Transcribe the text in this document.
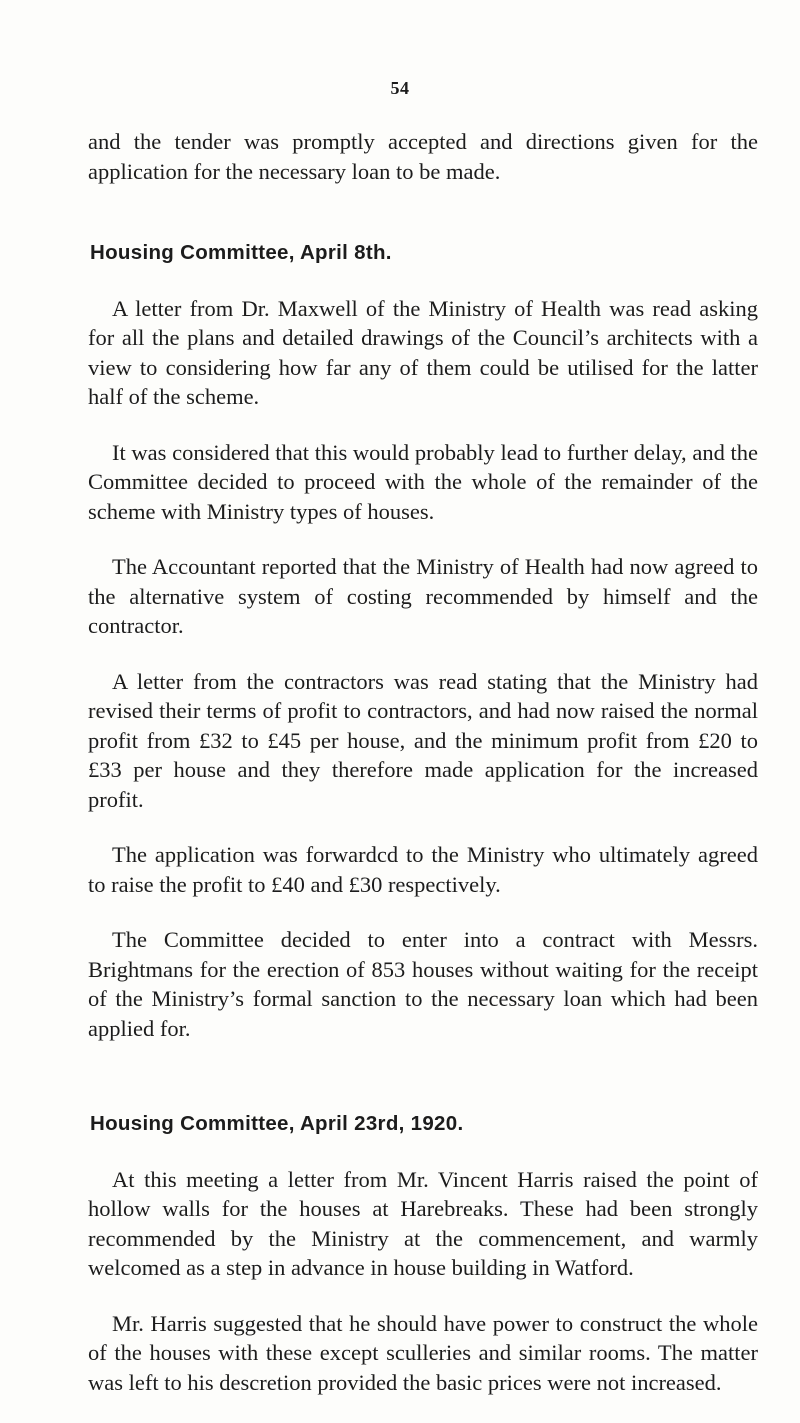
54

and the tender was promptly accepted and directions given for the application for the necessary loan to be made.

Housing Committee, April 8th.

A letter from Dr. Maxwell of the Ministry of Health was read asking for all the plans and detailed drawings of the Council’s architects with a view to considering how far any of them could be utilised for the latter half of the scheme.

It was considered that this would probably lead to further delay, and the Committee decided to proceed with the whole of the remainder of the scheme with Ministry types of houses.

The Accountant reported that the Ministry of Health had now agreed to the alternative system of costing recommended by himself and the contractor.

A letter from the contractors was read stating that the Ministry had revised their terms of profit to contractors, and had now raised the normal profit from £32 to £45 per house, and the minimum profit from £20 to £33 per house and they therefore made application for the increased profit.

The application was forwardcd to the Ministry who ultimately agreed to raise the profit to £40 and £30 respectively.

The Committee decided to enter into a contract with Messrs. Brightmans for the erection of 853 houses without waiting for the receipt of the Ministry’s formal sanction to the necessary loan which had been applied for.

Housing Committee, April 23rd, 1920.

At this meeting a letter from Mr. Vincent Harris raised the point of hollow walls for the houses at Harebreaks. These had been strongly recommended by the Ministry at the commencement, and warmly welcomed as a step in advance in house building in Watford.

Mr. Harris suggested that he should have power to construct the whole of the houses with these except sculleries and similar rooms. The matter was left to his descretion provided the basic prices were not increased.
